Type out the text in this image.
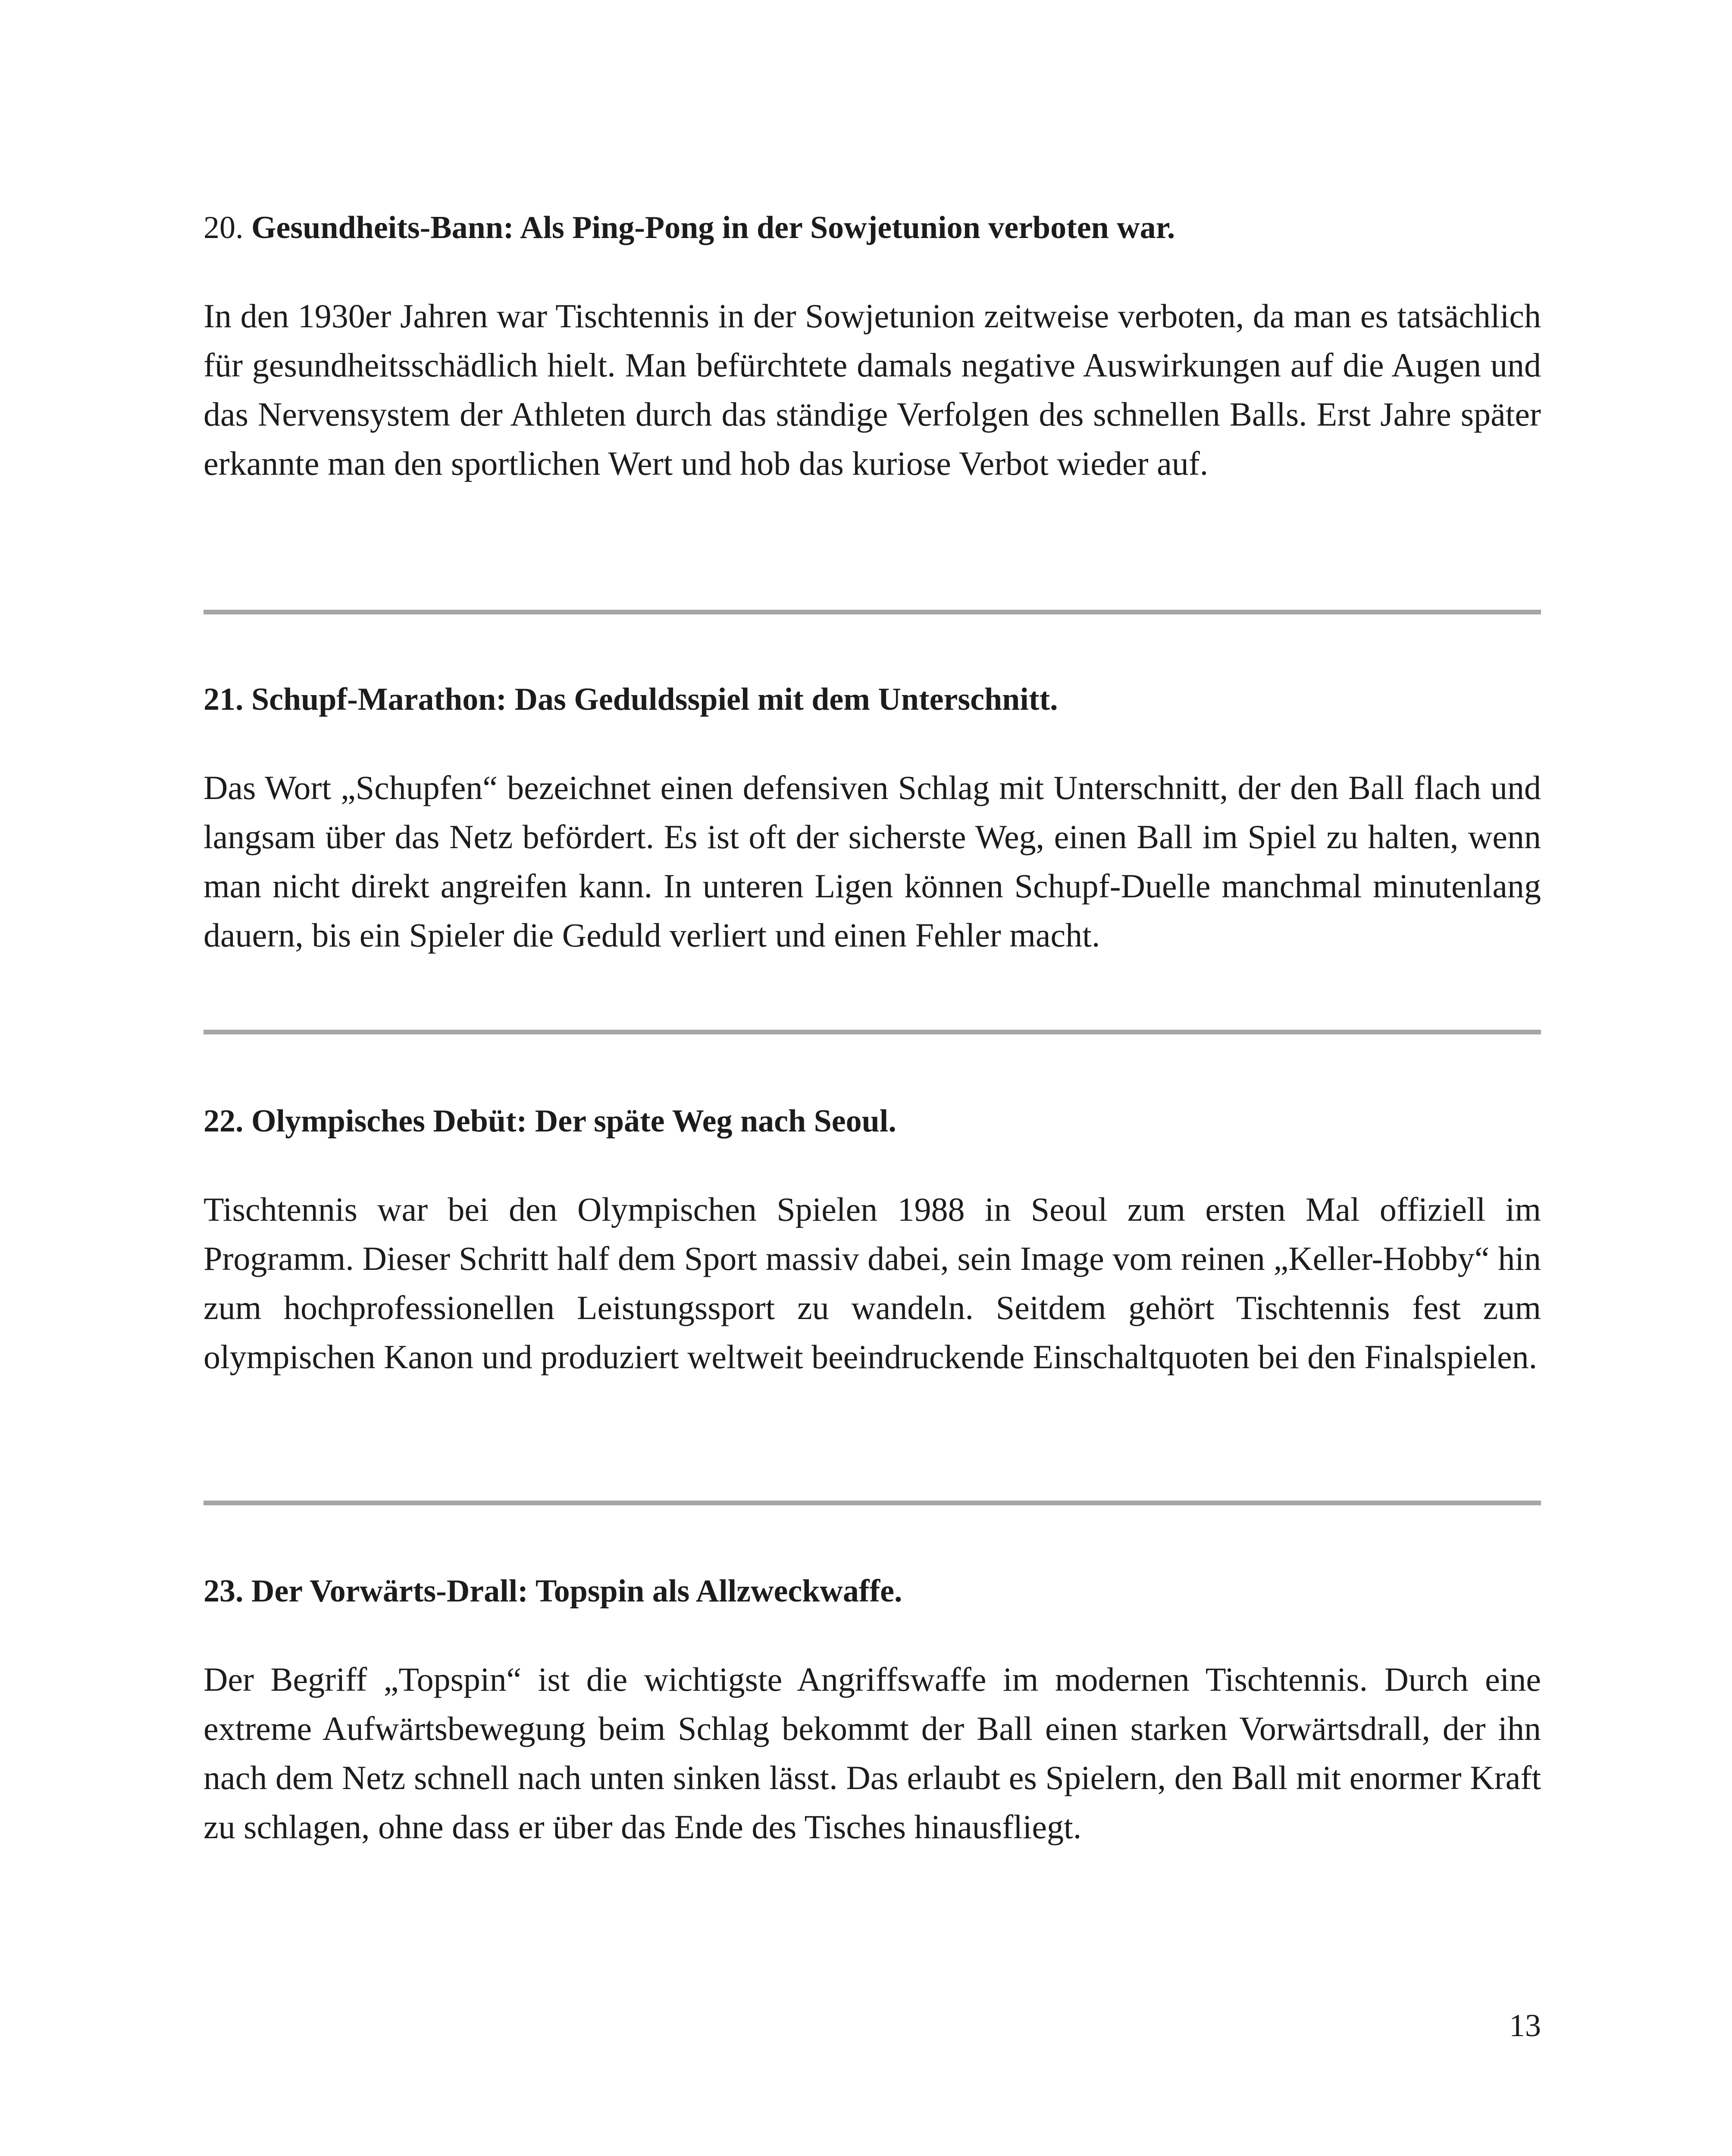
20. Gesundheits-Bann: Als Ping-Pong in der Sowjetunion verboten war.

In den 1930er Jahren war Tischtennis in der Sowjetunion zeitweise verboten, da man es tatsächlich für gesundheitsschädlich hielt. Man befürchtete damals negative Auswirkungen auf die Augen und das Nervensystem der Athleten durch das ständige Verfolgen des schnellen Balls. Erst Jahre später erkannte man den sportlichen Wert und hob das kuriose Verbot wieder auf.

21. Schupf-Marathon: Das Geduldsspiel mit dem Unterschnitt.

Das Wort „Schupfen“ bezeichnet einen defensiven Schlag mit Unterschnitt, der den Ball flach und langsam über das Netz befördert. Es ist oft der sicherste Weg, einen Ball im Spiel zu halten, wenn man nicht direkt angreifen kann. In unteren Ligen können Schupf-Duelle manchmal minutenlang dauern, bis ein Spieler die Geduld verliert und einen Fehler macht.

22. Olympisches Debüt: Der späte Weg nach Seoul.

Tischtennis war bei den Olympischen Spielen 1988 in Seoul zum ersten Mal offiziell im Programm. Dieser Schritt half dem Sport massiv dabei, sein Image vom reinen „Keller-Hobby“ hin zum hochprofessionellen Leistungssport zu wandeln. Seitdem gehört Tischtennis fest zum olympischen Kanon und produziert weltweit beeindruckende Einschaltquoten bei den Finalspielen.

23. Der Vorwärts-Drall: Topspin als Allzweckwaffe.

Der Begriff „Topspin“ ist die wichtigste Angriffswaffe im modernen Tischtennis. Durch eine extreme Aufwärtsbewegung beim Schlag bekommt der Ball einen starken Vorwärtsdrall, der ihn nach dem Netz schnell nach unten sinken lässt. Das erlaubt es Spielern, den Ball mit enormer Kraft zu schlagen, ohne dass er über das Ende des Tisches hinausfliegt.

13
